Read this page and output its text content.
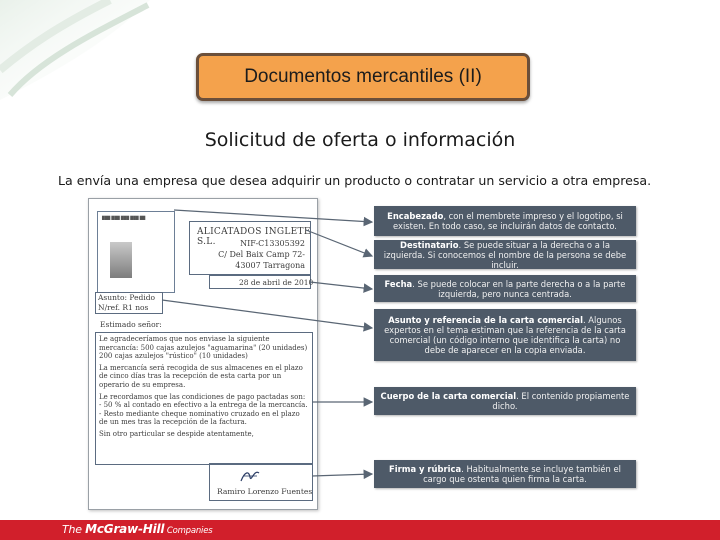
Documentos mercantiles (II)
Solicitud de oferta o información
La envía una empresa que desea adquirir un producto o contratar un servicio a otra empresa.
███ ███ ███ ███ ██
ALICATADOS INGLETE S.L.	NIF-C13305392
C/ Del Baix Camp 72-
43007 Tarragona
28 de abril de 2010
Asunto: Pedido
N/ref. R1 nos
Estimado señor:

Le agradeceríamos que nos enviase la siguiente mercancía: 500 cajas azulejos "aguamarina" (20 unidades) 200 cajas azulejos "rústico" (10 unidades)

La mercancía será recogida de sus almacenes en el plazo de cinco días tras la recepción de esta carta por un operario de su empresa.

Le recordamos que las condiciones de pago pactadas son: - 50 % al contado en efectivo a la entrega de la mercancía. - Resto mediante cheque nominativo cruzado en el plazo de un mes tras la recepción de la factura.

Sin otro particular se despide atentamente,

Ramiro Lorenzo Fuentes
Encabezado, con el membrete impreso y el logotipo, si existen. En todo caso, se incluirán datos de contacto.
Destinatario. Se puede situar a la derecha o a la izquierda. Si conocemos el nombre de la persona se debe incluir.
Fecha. Se puede colocar en la parte derecha o a la parte izquierda, pero nunca centrada.
Asunto y referencia de la carta comercial. Algunos expertos en el tema estiman que la referencia de la carta comercial (un código interno que identifica la carta) no debe de aparecer en la copia enviada.
Cuerpo de la carta comercial. El contenido propiamente dicho.
Firma y rúbrica. Habitualmente se incluye también el cargo que ostenta quien firma la carta.
The McGraw-Hill Companies
